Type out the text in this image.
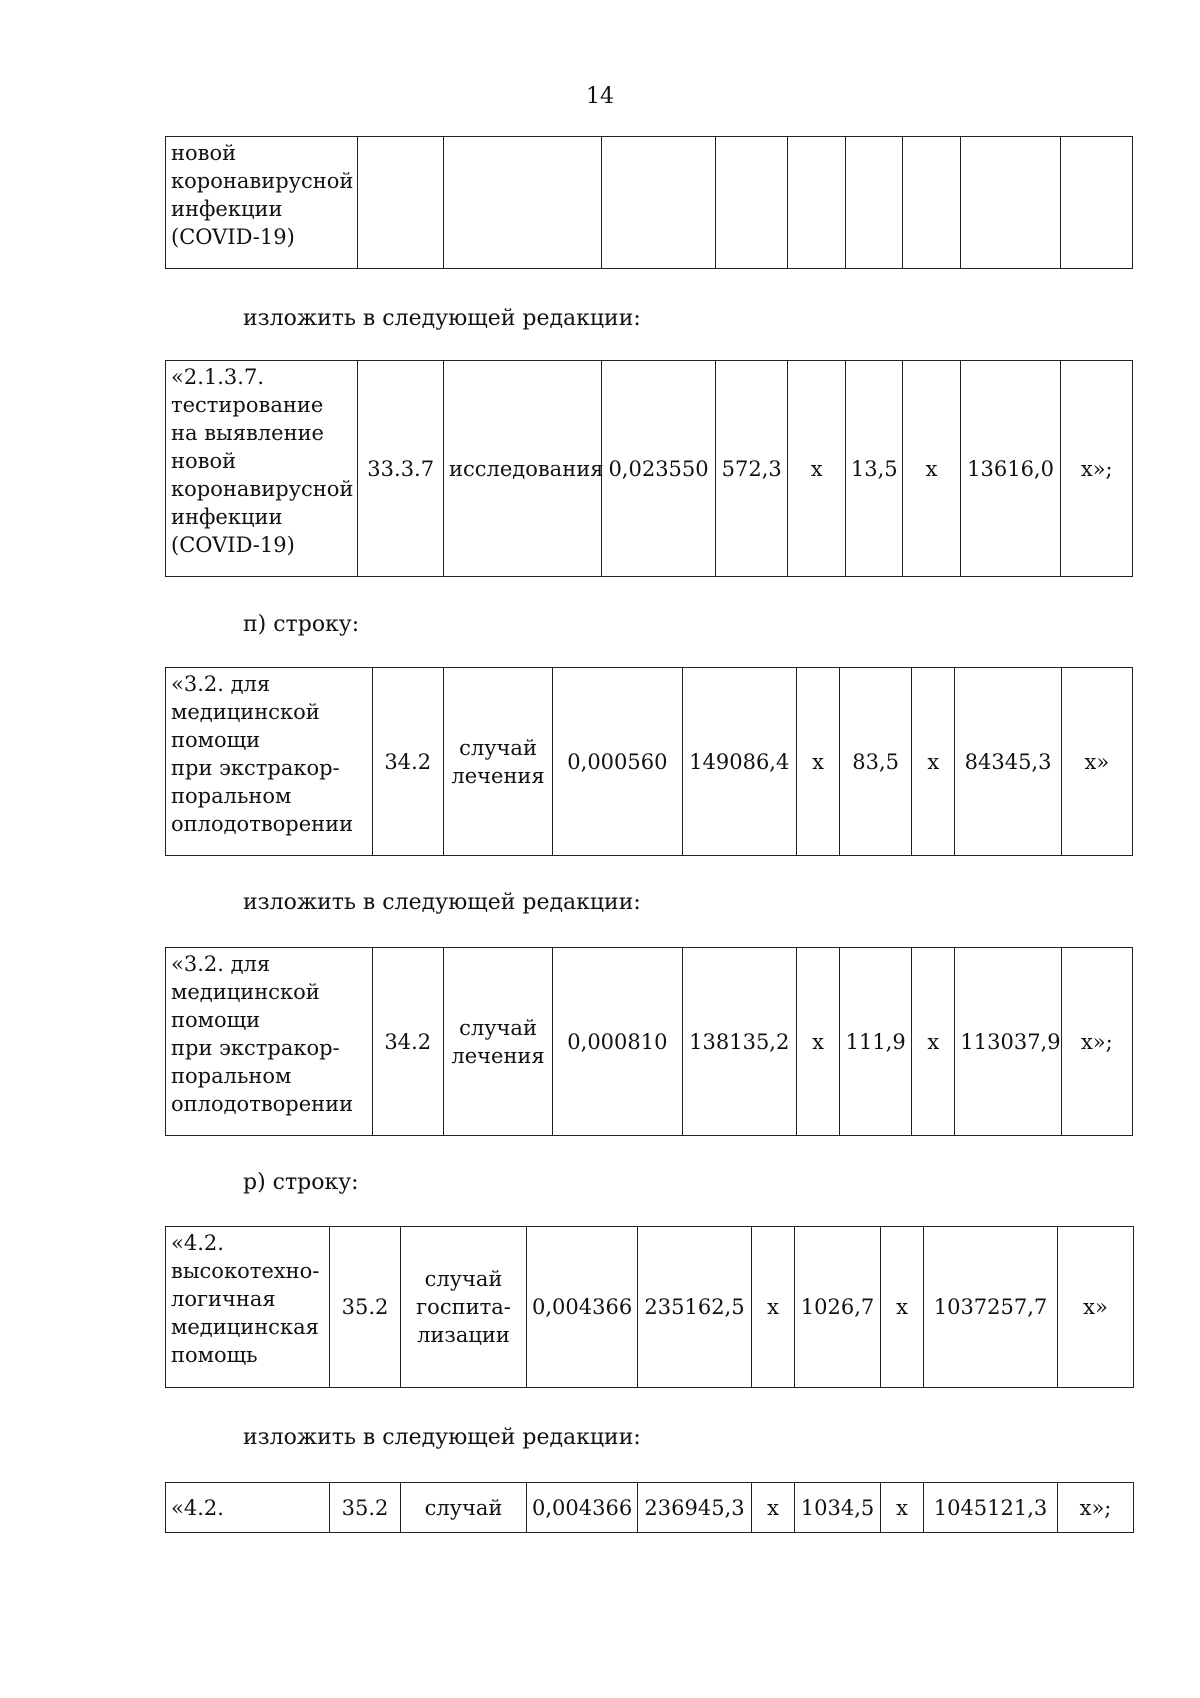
14
новой
коронавирусной
инфекции
(COVID-19)

изложить в следующей редакции:
«2.1.3.7.
тестирование
на выявление
новой
коронавирусной
инфекции
(COVID-19)
	33.3.7	исследования	0,023550	572,3	х	13,5	х	13616,0	х»;
п) строку:
«3.2. для
медицинской
помощи
при экстракор-
поральном
оплодотворении
	34.2	
случай
лечения
	0,000560	149086,4	х	83,5	х	84345,3	х»
изложить в следующей редакции:
«3.2. для
медицинской
помощи
при экстракор-
поральном
оплодотворении
	34.2	
случай
лечения
	0,000810	138135,2	х	111,9	х	113037,9	х»;
р) строку:
«4.2.
высокотехно-
логичная
медицинская
помощь
	35.2	
случай
госпита-
лизации
	0,004366	235162,5	х	1026,7	х	1037257,7	х»
изложить в следующей редакции:
«4.2.	35.2	случай	0,004366	236945,3	х	1034,5	х	1045121,3	х»;
